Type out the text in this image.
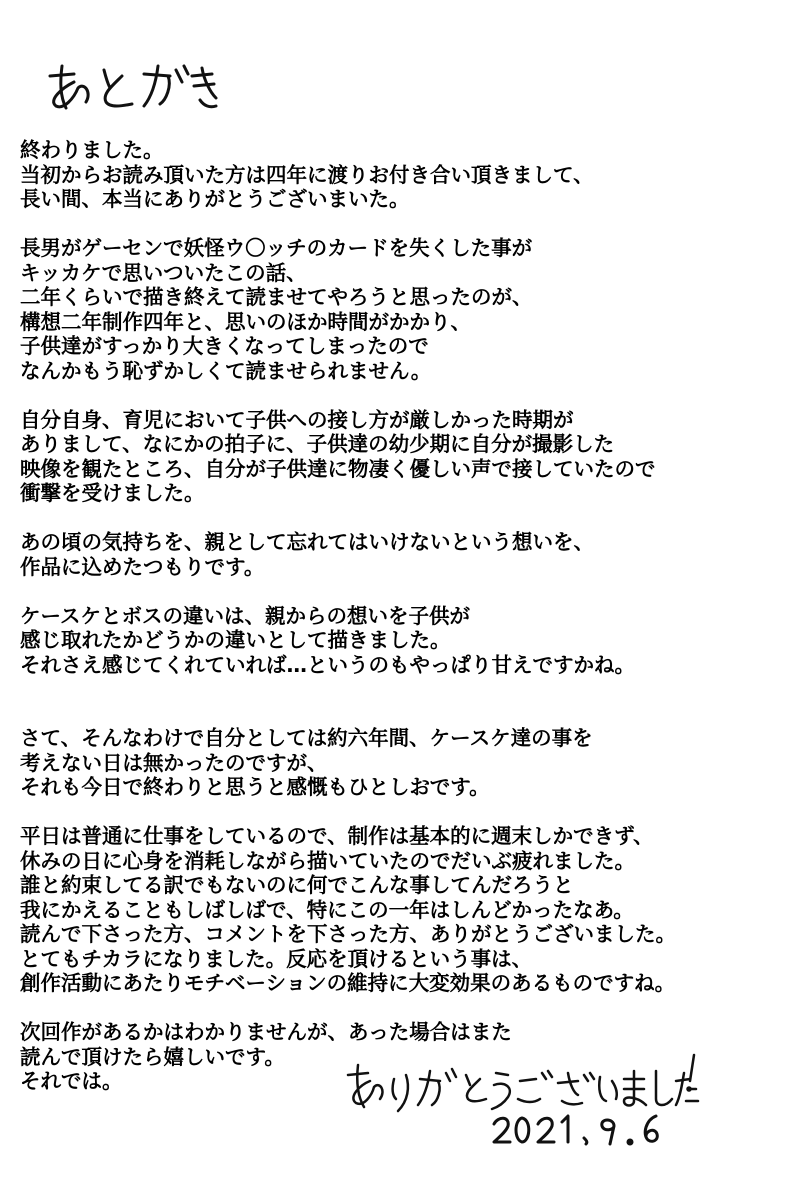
終わりました。
当初からお読み頂いた方は四年に渡りお付き合い頂きまして、
長い間、本当にありがとうございまいた。
長男がゲーセンで妖怪ウ〇ッチのカードを失くした事が
キッカケで思いついたこの話、
二年くらいで描き終えて読ませてやろうと思ったのが、
構想二年制作四年と、思いのほか時間がかかり、
子供達がすっかり大きくなってしまったので
なんかもう恥ずかしくて読ませられません。
自分自身、育児において子供への接し方が厳しかった時期が
ありまして、なにかの拍子に、子供達の幼少期に自分が撮影した
映像を観たところ、自分が子供達に物凄く優しい声で接していたので
衝撃を受けました。
あの頃の気持ちを、親として忘れてはいけないという想いを、
作品に込めたつもりです。
ケースケとボスの違いは、親からの想いを子供が
感じ取れたかどうかの違いとして描きました。
それさえ感じてくれていれば…というのもやっぱり甘えですかね。
さて、そんなわけで自分としては約六年間、ケースケ達の事を
考えない日は無かったのですが、
それも今日で終わりと思うと感慨もひとしおです。
平日は普通に仕事をしているので、制作は基本的に週末しかできず、
休みの日に心身を消耗しながら描いていたのでだいぶ疲れました。
誰と約束してる訳でもないのに何でこんな事してんだろうと
我にかえることもしばしばで、特にこの一年はしんどかったなあ。
読んで下さった方、コメントを下さった方、ありがとうございました。
とてもチカラになりました。反応を頂けるという事は、
創作活動にあたりモチベーションの維持に大変効果のあるものですね。
次回作があるかはわかりませんが、あった場合はまた
読んで頂けたら嬉しいです。
それでは。
